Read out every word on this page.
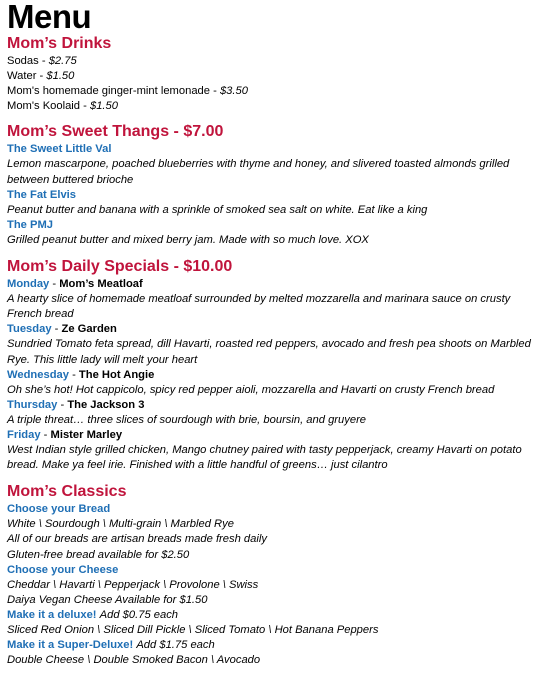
Menu

Mom’s Drinks

Sodas - $2.75

Water - $1.50

Mom's homemade ginger-mint lemonade - $3.50

Mom's Koolaid - $1.50

Mom’s Sweet Thangs - $7.00

The Sweet Little Val

Lemon mascarpone, poached blueberries with thyme and honey, and slivered toasted almonds grilled between buttered brioche

The Fat Elvis

Peanut butter and banana with a sprinkle of smoked sea salt on white. Eat like a king

The PMJ

Grilled peanut butter and mixed berry jam. Made with so much love. XOX

Mom’s Daily Specials - $10.00

Monday - Mom’s Meatloaf

A hearty slice of homemade meatloaf surrounded by melted mozzarella and marinara sauce on crusty French bread

Tuesday - Ze Garden

Sundried Tomato feta spread, dill Havarti, roasted red peppers, avocado and fresh pea shoots on Marbled Rye. This little lady will melt your heart

Wednesday - The Hot Angie

Oh she’s hot! Hot cappicolo, spicy red pepper aioli, mozzarella and Havarti on crusty French bread

Thursday - The Jackson 3

A triple threat… three slices of sourdough with brie, boursin, and gruyere

Friday - Mister Marley

West Indian style grilled chicken, Mango chutney paired with tasty pepperjack, creamy Havarti on potato bread. Make ya feel irie. Finished with a little handful of greens… just cilantro

Mom’s Classics

Choose your Bread

White \ Sourdough \ Multi-grain \ Marbled Rye

All of our breads are artisan breads made fresh daily

Gluten-free bread available for $2.50

Choose your Cheese

Cheddar \ Havarti \ Pepperjack \ Provolone \ Swiss

Daiya Vegan Cheese Available for $1.50

Make it a deluxe! Add $0.75 each

Sliced Red Onion \ Sliced Dill Pickle \ Sliced Tomato \ Hot Banana Peppers

Make it a Super-Deluxe! Add $1.75 each

Double Cheese \ Double Smoked Bacon \ Avocado
